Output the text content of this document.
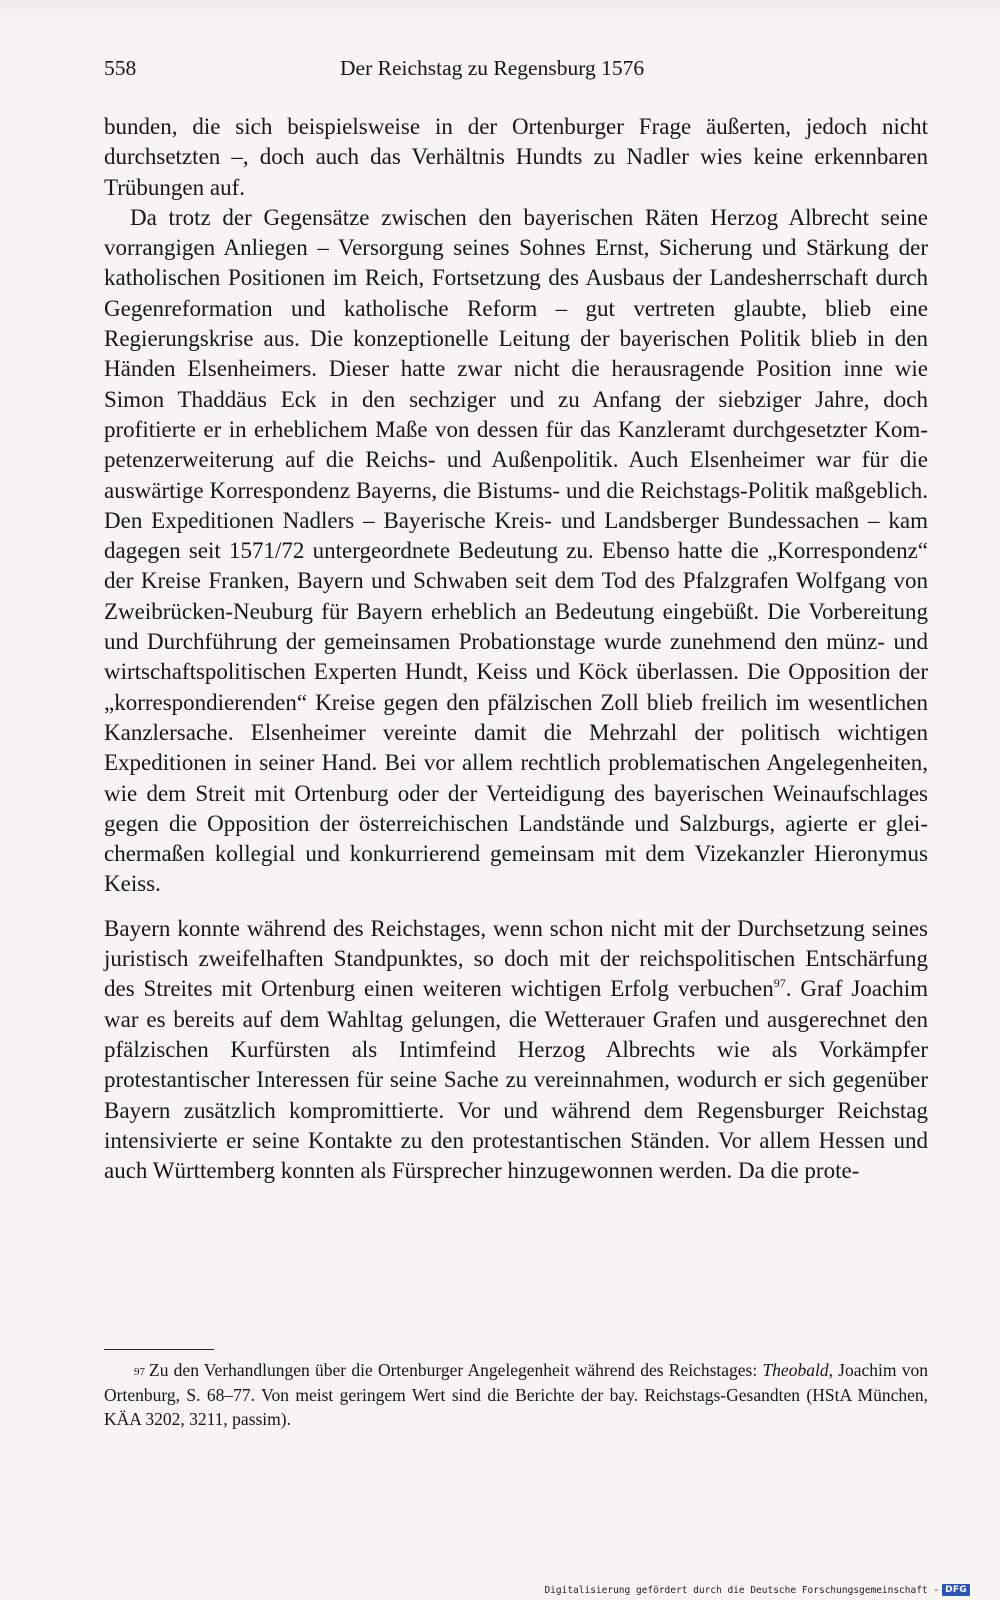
558	Der Reichstag zu Regensburg 1576

bunden, die sich beispielsweise in der Ortenburger Frage äußerten, jedoch nicht durchsetzten –, doch auch das Verhältnis Hundts zu Nadler wies keine erkennbaren Trübungen auf.

Da trotz der Gegensätze zwischen den bayerischen Räten Herzog Albrecht seine vorrangigen Anliegen – Versorgung seines Sohnes Ernst, Sicherung und Stärkung der katholischen Positionen im Reich, Fortsetzung des Ausbaus der Landesherrschaft durch Gegenreformation und katholische Reform – gut vertreten glaubte, blieb eine Regierungskrise aus. Die konzeptionelle Leitung der bayerischen Politik blieb in den Händen Elsenheimers. Dieser hatte zwar nicht die herausragende Position inne wie Simon Thaddäus Eck in den sechziger und zu Anfang der siebziger Jahre, doch profitierte er in erheblichem Maße von dessen für das Kanzleramt durchgesetzter Kompetenzerweiterung auf die Reichs- und Außenpolitik. Auch Elsenheimer war für die auswärtige Korrespondenz Bayerns, die Bistums- und die Reichstags-Politik maßgeblich. Den Expeditionen Nadlers – Bayerische Kreis- und Landsberger Bundessachen – kam dagegen seit 1571/72 untergeordnete Bedeutung zu. Ebenso hatte die „Korrespondenz“ der Kreise Franken, Bayern und Schwaben seit dem Tod des Pfalzgrafen Wolfgang von Zweibrücken-Neuburg für Bayern erheblich an Bedeutung eingebüßt. Die Vorbereitung und Durchführung der gemeinsamen Probationstage wurde zunehmend den münz- und wirtschaftspolitischen Experten Hundt, Keiss und Köck überlassen. Die Opposition der „korrespondierenden“ Kreise gegen den pfälzischen Zoll blieb freilich im wesentlichen Kanzlersache. Elsenheimer vereinte damit die Mehrzahl der politisch wichtigen Expeditionen in seiner Hand. Bei vor allem rechtlich problematischen Angelegenheiten, wie dem Streit mit Ortenburg oder der Verteidigung des bayerischen Weinaufschlages gegen die Opposition der österreichischen Landstände und Salzburgs, agierte er gleichermaßen kollegial und konkurrierend gemeinsam mit dem Vizekanzler Hieronymus Keiss.

Bayern konnte während des Reichstages, wenn schon nicht mit der Durchsetzung seines juristisch zweifelhaften Standpunktes, so doch mit der reichspolitischen Entschärfung des Streites mit Ortenburg einen weiteren wichtigen Erfolg verbuchen$^{97}$. Graf Joachim war es bereits auf dem Wahltag gelungen, die Wetterauer Grafen und ausgerechnet den pfälzischen Kurfürsten als Intimfeind Herzog Albrechts wie als Vorkämpfer protestantischer Interessen für seine Sache zu vereinnahmen, wodurch er sich gegenüber Bayern zusätzlich kompromittierte. Vor und während dem Regensburger Reichstag intensivierte er seine Kontakte zu den protestantischen Ständen. Vor allem Hessen und auch Württemberg konnten als Fürsprecher hinzugewonnen werden. Da die prote-

$^{97}$ Zu den Verhandlungen über die Ortenburger Angelegenheit während des Reichstages: Theobald, Joachim von Ortenburg, S. 68–77. Von meist geringem Wert sind die Berichte der bay. Reichstags-Gesandten (HStA München, KÄA 3202, 3211, passim).
Digitalisierung gefördert durch die Deutsche Forschungsgemeinschaft - DFG
